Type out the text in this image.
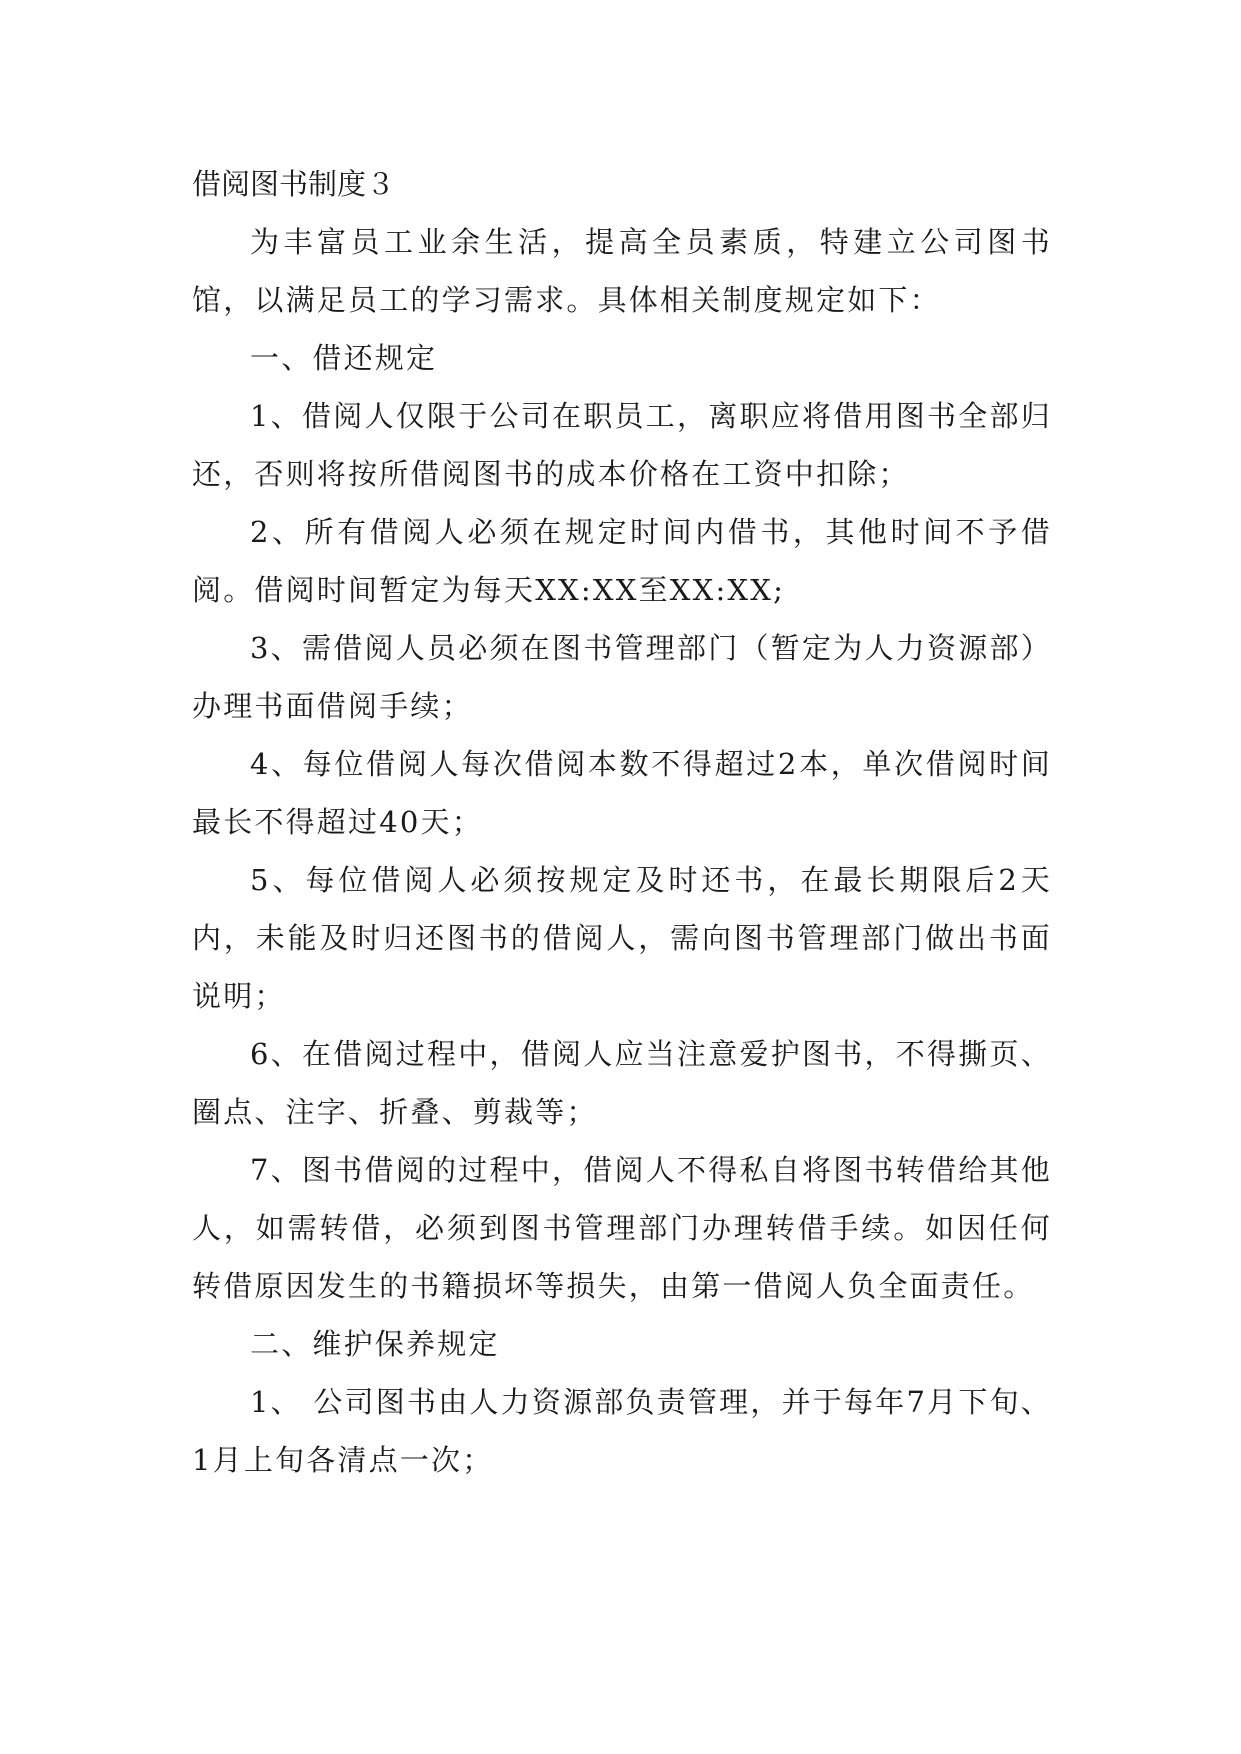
借阅图书制度３

为丰富员工业余生活，提高全员素质，特建立公司图书馆，以满足员工的学习需求。具体相关制度规定如下：

一、借还规定

1、借阅人仅限于公司在职员工，离职应将借用图书全部归还，否则将按所借阅图书的成本价格在工资中扣除；

2、所有借阅人必须在规定时间内借书，其他时间不予借阅。借阅时间暂定为每天XX:XX至XX:XX;

3、需借阅人员必须在图书管理部门（暂定为人力资源部）办理书面借阅手续；

4、每位借阅人每次借阅本数不得超过2本，单次借阅时间最长不得超过40天；

5、每位借阅人必须按规定及时还书，在最长期限后2天内，未能及时归还图书的借阅人，需向图书管理部门做出书面说明；

6、在借阅过程中，借阅人应当注意爱护图书，不得撕页、圈点、注字、折叠、剪裁等；

7、图书借阅的过程中，借阅人不得私自将图书转借给其他人，如需转借，必须到图书管理部门办理转借手续。如因任何转借原因发生的书籍损坏等损失，由第一借阅人负全面责任。

二、维护保养规定

1、 公司图书由人力资源部负责管理，并于每年7月下旬、1月上旬各清点一次；
